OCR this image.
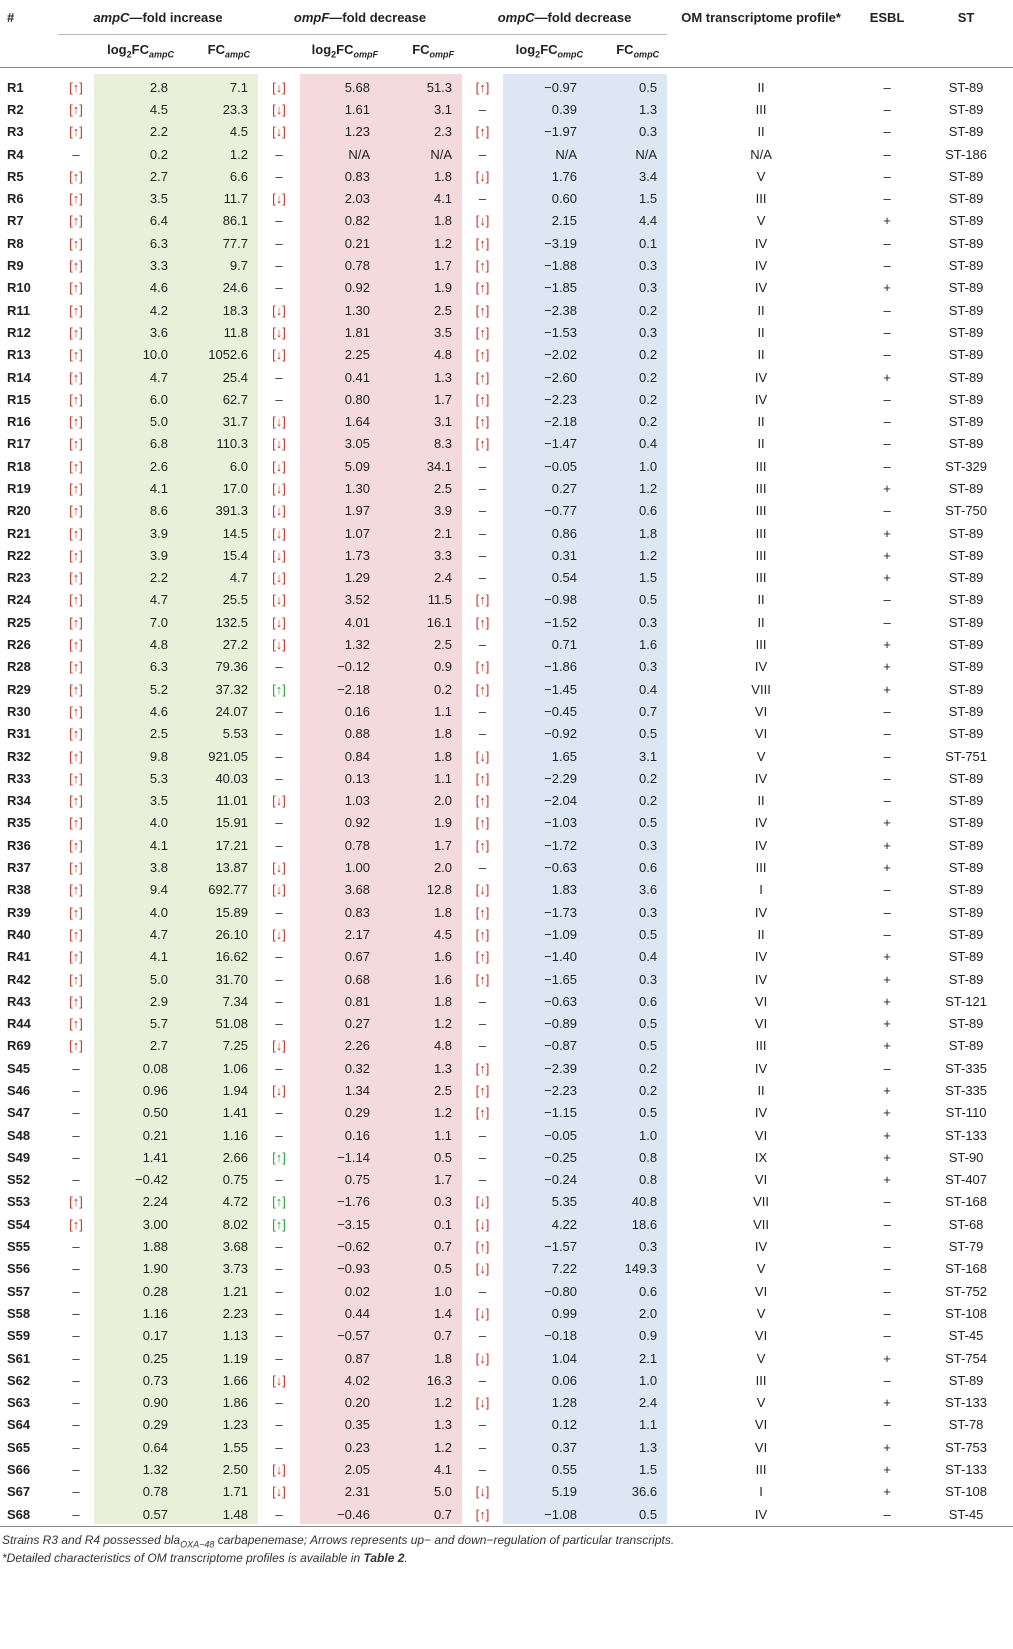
#	ampC—fold increase			ompF—fold decrease			ompC—fold decrease			OM transcriptome profile*	ESBL	ST
		$\log_2FC_{ampC}$	$FC_{ampC}$		$\log_2FC_{ompF}$	$FC_{ompF}$		$\log_2FC_{ompC}$	$FC_{ompC}$			

R1	[↑]	2.8	7.1	[↓]	5.68	51.3	[↑]	−0.97	0.5	II	–	ST-89
R2	[↑]	4.5	23.3	[↓]	1.61	3.1	–	0.39	1.3	III	–	ST-89
R3	[↑]	2.2	4.5	[↓]	1.23	2.3	[↑]	−1.97	0.3	II	–	ST-89
R4	–	0.2	1.2	–	N/A	N/A	–	N/A	N/A	N/A	–	ST-186
R5	[↑]	2.7	6.6	–	0.83	1.8	[↓]	1.76	3.4	V	–	ST-89
R6	[↑]	3.5	11.7	[↓]	2.03	4.1	–	0.60	1.5	III	–	ST-89
R7	[↑]	6.4	86.1	–	0.82	1.8	[↓]	2.15	4.4	V	+	ST-89
R8	[↑]	6.3	77.7	–	0.21	1.2	[↑]	−3.19	0.1	IV	–	ST-89
R9	[↑]	3.3	9.7	–	0.78	1.7	[↑]	−1.88	0.3	IV	–	ST-89
R10	[↑]	4.6	24.6	–	0.92	1.9	[↑]	−1.85	0.3	IV	+	ST-89
R11	[↑]	4.2	18.3	[↓]	1.30	2.5	[↑]	−2.38	0.2	II	–	ST-89
R12	[↑]	3.6	11.8	[↓]	1.81	3.5	[↑]	−1.53	0.3	II	–	ST-89
R13	[↑]	10.0	1052.6	[↓]	2.25	4.8	[↑]	−2.02	0.2	II	–	ST-89
R14	[↑]	4.7	25.4	–	0.41	1.3	[↑]	−2.60	0.2	IV	+	ST-89
R15	[↑]	6.0	62.7	–	0.80	1.7	[↑]	−2.23	0.2	IV	–	ST-89
R16	[↑]	5.0	31.7	[↓]	1.64	3.1	[↑]	−2.18	0.2	II	–	ST-89
R17	[↑]	6.8	110.3	[↓]	3.05	8.3	[↑]	−1.47	0.4	II	–	ST-89
R18	[↑]	2.6	6.0	[↓]	5.09	34.1	–	−0.05	1.0	III	–	ST-329
R19	[↑]	4.1	17.0	[↓]	1.30	2.5	–	0.27	1.2	III	+	ST-89
R20	[↑]	8.6	391.3	[↓]	1.97	3.9	–	−0.77	0.6	III	–	ST-750
R21	[↑]	3.9	14.5	[↓]	1.07	2.1	–	0.86	1.8	III	+	ST-89
R22	[↑]	3.9	15.4	[↓]	1.73	3.3	–	0.31	1.2	III	+	ST-89
R23	[↑]	2.2	4.7	[↓]	1.29	2.4	–	0.54	1.5	III	+	ST-89
R24	[↑]	4.7	25.5	[↓]	3.52	11.5	[↑]	−0.98	0.5	II	–	ST-89
R25	[↑]	7.0	132.5	[↓]	4.01	16.1	[↑]	−1.52	0.3	II	–	ST-89
R26	[↑]	4.8	27.2	[↓]	1.32	2.5	–	0.71	1.6	III	+	ST-89
R28	[↑]	6.3	79.36	–	−0.12	0.9	[↑]	−1.86	0.3	IV	+	ST-89
R29	[↑]	5.2	37.32	[↑]	−2.18	0.2	[↑]	−1.45	0.4	VIII	+	ST-89
R30	[↑]	4.6	24.07	–	0.16	1.1	–	−0.45	0.7	VI	–	ST-89
R31	[↑]	2.5	5.53	–	0.88	1.8	–	−0.92	0.5	VI	–	ST-89
R32	[↑]	9.8	921.05	–	0.84	1.8	[↓]	1.65	3.1	V	–	ST-751
R33	[↑]	5.3	40.03	–	0.13	1.1	[↑]	−2.29	0.2	IV	–	ST-89
R34	[↑]	3.5	11.01	[↓]	1.03	2.0	[↑]	−2.04	0.2	II	–	ST-89
R35	[↑]	4.0	15.91	–	0.92	1.9	[↑]	−1.03	0.5	IV	+	ST-89
R36	[↑]	4.1	17.21	–	0.78	1.7	[↑]	−1.72	0.3	IV	+	ST-89
R37	[↑]	3.8	13.87	[↓]	1.00	2.0	–	−0.63	0.6	III	+	ST-89
R38	[↑]	9.4	692.77	[↓]	3.68	12.8	[↓]	1.83	3.6	I	–	ST-89
R39	[↑]	4.0	15.89	–	0.83	1.8	[↑]	−1.73	0.3	IV	–	ST-89
R40	[↑]	4.7	26.10	[↓]	2.17	4.5	[↑]	−1.09	0.5	II	–	ST-89
R41	[↑]	4.1	16.62	–	0.67	1.6	[↑]	−1.40	0.4	IV	+	ST-89
R42	[↑]	5.0	31.70	–	0.68	1.6	[↑]	−1.65	0.3	IV	+	ST-89
R43	[↑]	2.9	7.34	–	0.81	1.8	–	−0.63	0.6	VI	+	ST-121
R44	[↑]	5.7	51.08	–	0.27	1.2	–	−0.89	0.5	VI	+	ST-89
R69	[↑]	2.7	7.25	[↓]	2.26	4.8	–	−0.87	0.5	III	+	ST-89
S45	–	0.08	1.06	–	0.32	1.3	[↑]	−2.39	0.2	IV	–	ST-335
S46	–	0.96	1.94	[↓]	1.34	2.5	[↑]	−2.23	0.2	II	+	ST-335
S47	–	0.50	1.41	–	0.29	1.2	[↑]	−1.15	0.5	IV	+	ST-110
S48	–	0.21	1.16	–	0.16	1.1	–	−0.05	1.0	VI	+	ST-133
S49	–	1.41	2.66	[↑]	−1.14	0.5	–	−0.25	0.8	IX	+	ST-90
S52	–	−0.42	0.75	–	0.75	1.7	–	−0.24	0.8	VI	+	ST-407
S53	[↑]	2.24	4.72	[↑]	−1.76	0.3	[↓]	5.35	40.8	VII	–	ST-168
S54	[↑]	3.00	8.02	[↑]	−3.15	0.1	[↓]	4.22	18.6	VII	–	ST-68
S55	–	1.88	3.68	–	−0.62	0.7	[↑]	−1.57	0.3	IV	–	ST-79
S56	–	1.90	3.73	–	−0.93	0.5	[↓]	7.22	149.3	V	–	ST-168
S57	–	0.28	1.21	–	0.02	1.0	–	−0.80	0.6	VI	–	ST-752
S58	–	1.16	2.23	–	0.44	1.4	[↓]	0.99	2.0	V	–	ST-108
S59	–	0.17	1.13	–	−0.57	0.7	–	−0.18	0.9	VI	–	ST-45
S61	–	0.25	1.19	–	0.87	1.8	[↓]	1.04	2.1	V	+	ST-754
S62	–	0.73	1.66	[↓]	4.02	16.3	–	0.06	1.0	III	–	ST-89
S63	–	0.90	1.86	–	0.20	1.2	[↓]	1.28	2.4	V	+	ST-133
S64	–	0.29	1.23	–	0.35	1.3	–	0.12	1.1	VI	–	ST-78
S65	–	0.64	1.55	–	0.23	1.2	–	0.37	1.3	VI	+	ST-753
S66	–	1.32	2.50	[↓]	2.05	4.1	–	0.55	1.5	III	+	ST-133
S67	–	0.78	1.71	[↓]	2.31	5.0	[↓]	5.19	36.6	I	+	ST-108
S68	–	0.57	1.48	–	−0.46	0.7	[↑]	−1.08	0.5	IV	–	ST-45
Strains R3 and R4 possessed bla$_{OXA-48}$ carbapenemase; Arrows represents up− and down−regulation of particular transcripts.
*Detailed characteristics of OM transcriptome profiles is available in Table 2.
